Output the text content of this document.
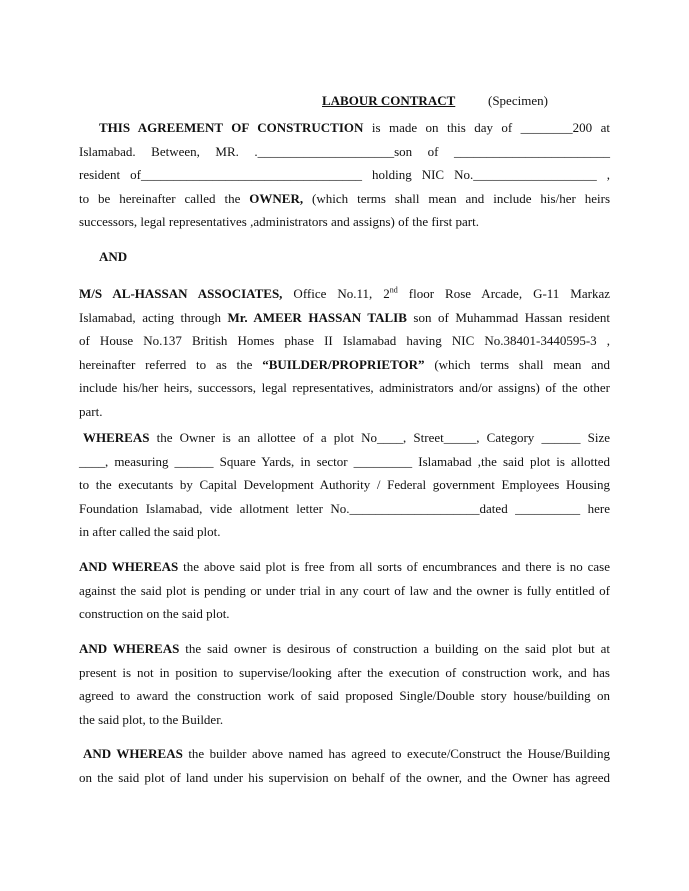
LABOUR CONTRACT	(Specimen)
THIS AGREEMENT OF CONSTRUCTION is made on this day of ________200 at
Islamabad. Between, MR. ._____________________son of ________________________
resident of__________________________________ holding NIC No.___________________ ,
to be hereinafter called the OWNER, (which terms shall mean and include his/her heirs
successors, legal representatives ,administrators and assigns) of the first part.
AND
M/S AL-HASSAN ASSOCIATES, Office No.11, 2nd floor Rose Arcade, G-11 Markaz
Islamabad, acting through Mr. AMEER HASSAN TALIB son of Muhammad Hassan resident
of House No.137 British Homes phase II Islamabad having NIC No.38401-3440595-3 ,
hereinafter referred to as the “BUILDER/PROPRIETOR” (which terms shall mean and
include his/her heirs, successors, legal representatives, administrators and/or assigns) of the other
part.
WHEREAS the Owner is an allottee of a plot No____, Street_____, Category ______ Size
____, measuring ______ Square Yards, in sector _________ Islamabad ,the said plot is allotted
to the executants by Capital Development Authority / Federal government Employees Housing
Foundation Islamabad, vide allotment letter No.____________________dated __________ here
in after called the said plot.
AND WHEREAS the above said plot is free from all sorts of encumbrances and there is no case
against the said plot is pending or under trial in any court of law and the owner is fully entitled of
construction on the said plot.
AND WHEREAS the said owner is desirous of construction a building on the said plot but at
present is not in position to supervise/looking after the execution of construction work, and has
agreed to award the construction work of said proposed Single/Double story house/building on
the said plot, to the Builder.
AND WHEREAS the builder above named has agreed to execute/Construct the House/Building
on the said plot of land under his supervision on behalf of the owner, and the Owner has agreed
